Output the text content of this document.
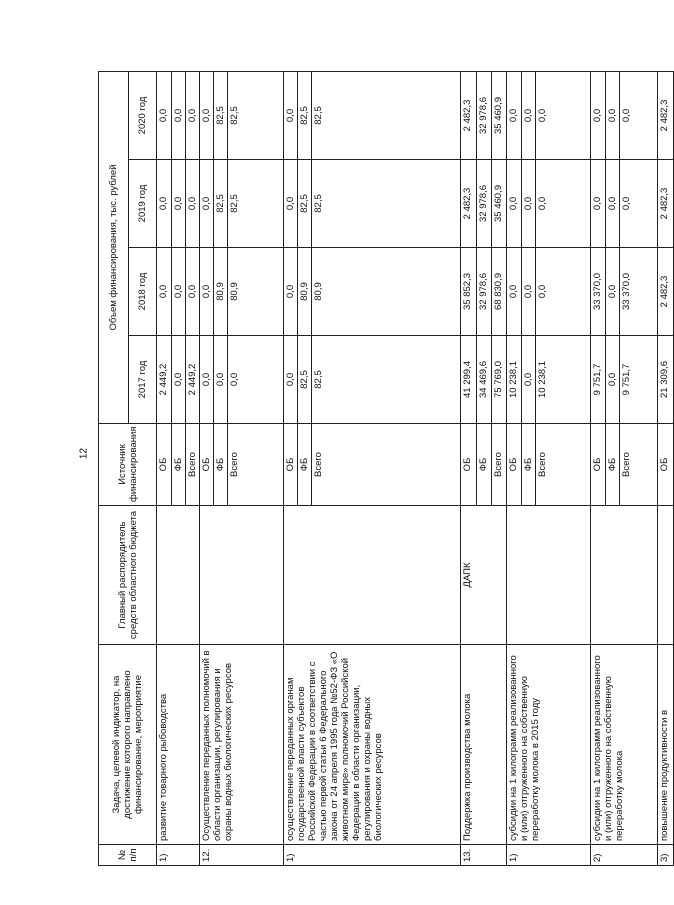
12
№ п/п	Задача, целевой индикатор, на достижение которого направлено финансирование, мероприятие	Главный распорядитель средств областного бюджета	Источник финансирования	Объем финансирования, тыс. рублей			
				2017 год	2018 год	2019 год	2020 год
1)	развитие товарного рыбоводства		ОБ	2 449,2	0,0	0,0	0,0
			ФБ	0,0	0,0	0,0	0,0
			Всего	2 449,2	0,0	0,0	0,0
12.	Осуществление переданных полномочий в области организации, регулирования и охраны водных биологических ресурсов		ОБ	0,0	0,0	0,0	0,0
			ФБ	0,0	80,9	82,5	82,5
			Всего	0,0	80,9	82,5	82,5
1)	осуществление переданных органам государственной власти субъектов Российской Федерации в соответствии с частью первой статьи 6 Федерального закона от 24 апреля 1995 года №52-ФЗ «О животном мире» полномочий Российской Федерации в области организации, регулирования и охраны водных биологических ресурсов		ОБ	0,0	0,0	0,0	0,0
			ФБ	82,5	80,9	82,5	82,5
			Всего	82,5	80,9	82,5	82,5
13.	Поддержка производства молока	ДАПК	ОБ	41 299,4	35 852,3	2 482,3	2 482,3
			ФБ	34 469,6	32 978,6	32 978,6	32 978,6
			Всего	75 769,0	68 830,9	35 460,9	35 460,9
1)	субсидии на 1 килограмм реализованного и (или) отгруженного на собственную переработку молока в 2015 году		ОБ	10 238,1	0,0	0,0	0,0
			ФБ	0,0	0,0	0,0	0,0
			Всего	10 238,1	0,0	0,0	0,0
2)	субсидии на 1 килограмм реализованного и (или) отгруженного на собственную переработку молока		ОБ	9 751,7	33 370,0	0,0	0,0
			ФБ	0,0	0,0	0,0	0,0
			Всего	9 751,7	33 370,0	0,0	0,0
3)	повышение продуктивности в		ОБ	21 309,6	2 482,3	2 482,3	2 482,3
